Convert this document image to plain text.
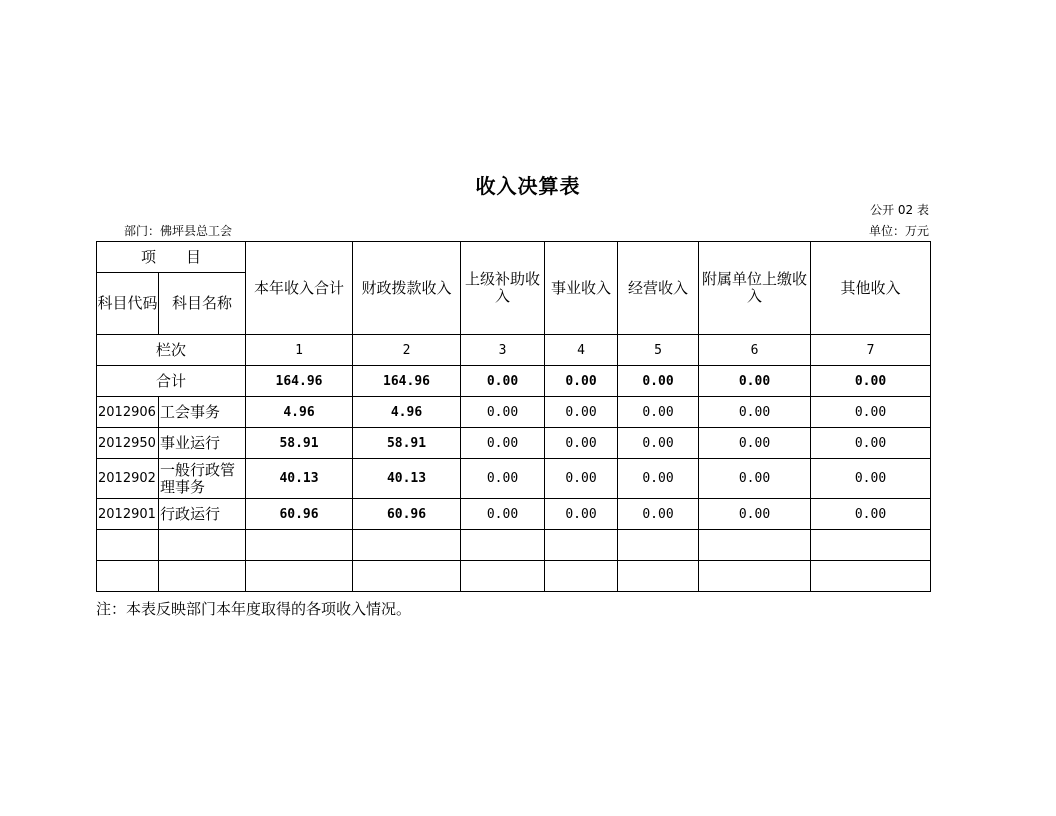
收入决算表
公开 02 表
部门：佛坪县总工会	单位：万元
项　　目		本年收入合计	财政拨款收入	上级补助收入	事业收入	经营收入	附属单位上缴收入	其他收入
科目代码	科目名称							
栏次		1	2	3	4	5	6	7
合计		164.96	164.96	0.00	0.00	0.00	0.00	0.00
2012906	工会事务	4.96	4.96	0.00	0.00	0.00	0.00	0.00
2012950	事业运行	58.91	58.91	0.00	0.00	0.00	0.00	0.00
2012902	一般行政管理事务	40.13	40.13	0.00	0.00	0.00	0.00	0.00
2012901	行政运行	60.96	60.96	0.00	0.00	0.00	0.00	0.00

注：本表反映部门本年度取得的各项收入情况。
